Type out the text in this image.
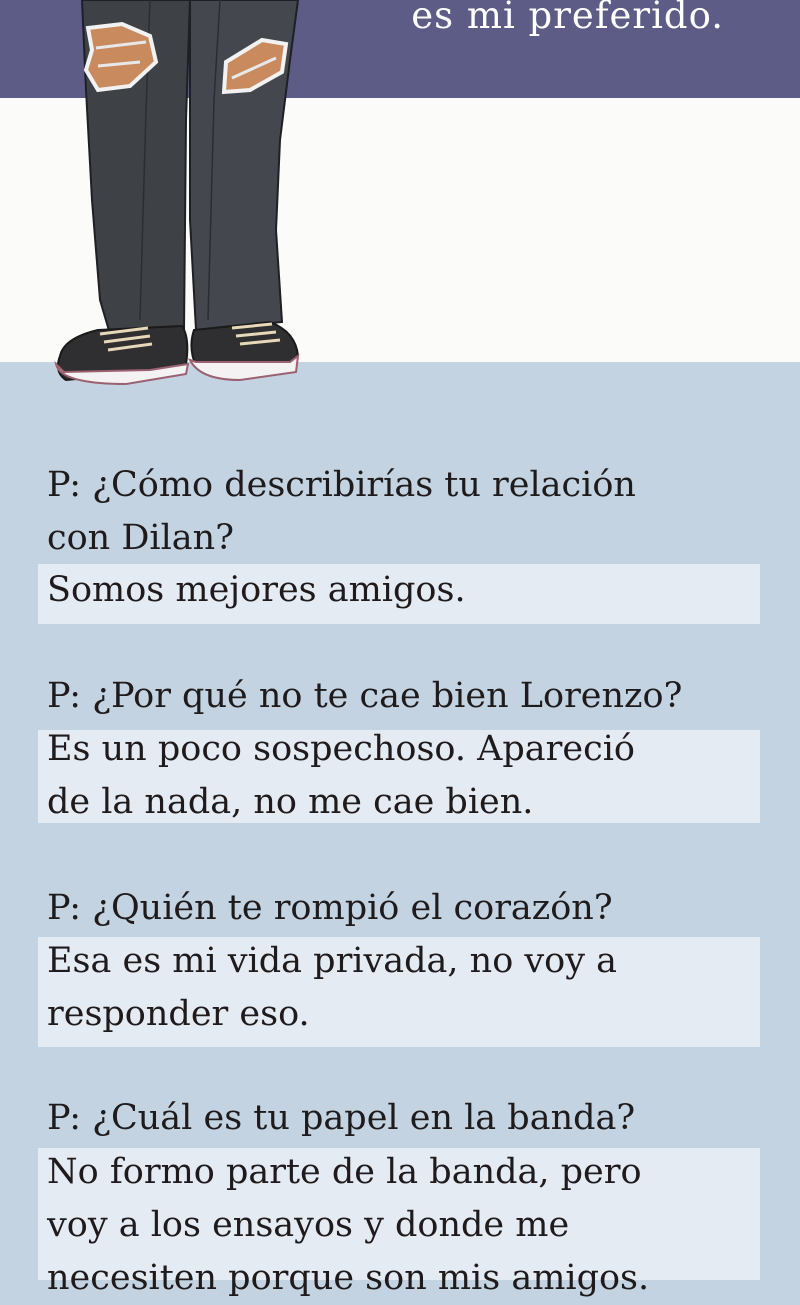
es mi preferido.
P: ¿Cómo describirías tu relación
con Dilan?
Somos mejores amigos.
P: ¿Por qué no te cae bien Lorenzo?
Es un poco sospechoso. Apareció
de la nada, no me cae bien.
P: ¿Quién te rompió el corazón?
Esa es mi vida privada, no voy a
responder eso.
P: ¿Cuál es tu papel en la banda?
No formo parte de la banda, pero
voy a los ensayos y donde me
necesiten porque son mis amigos.
